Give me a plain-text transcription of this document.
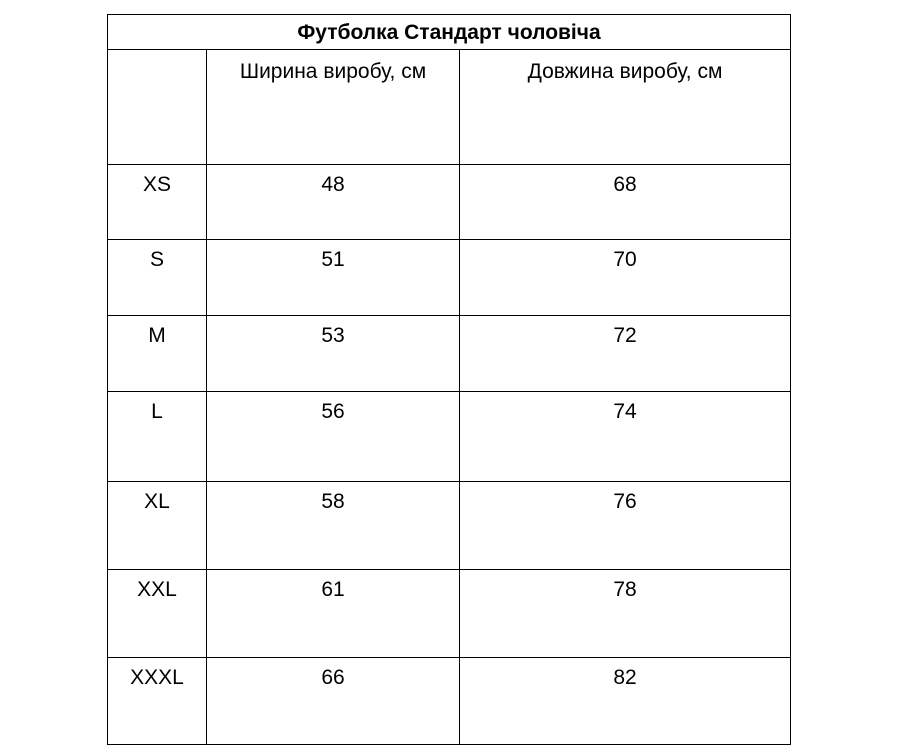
Футболка Стандарт чоловіча		
	Ширина виробу, см	Довжина виробу, см
XS	48	68
S	51	70
M	53	72
L	56	74
XL	58	76
XXL	61	78
XXXL	66	82
